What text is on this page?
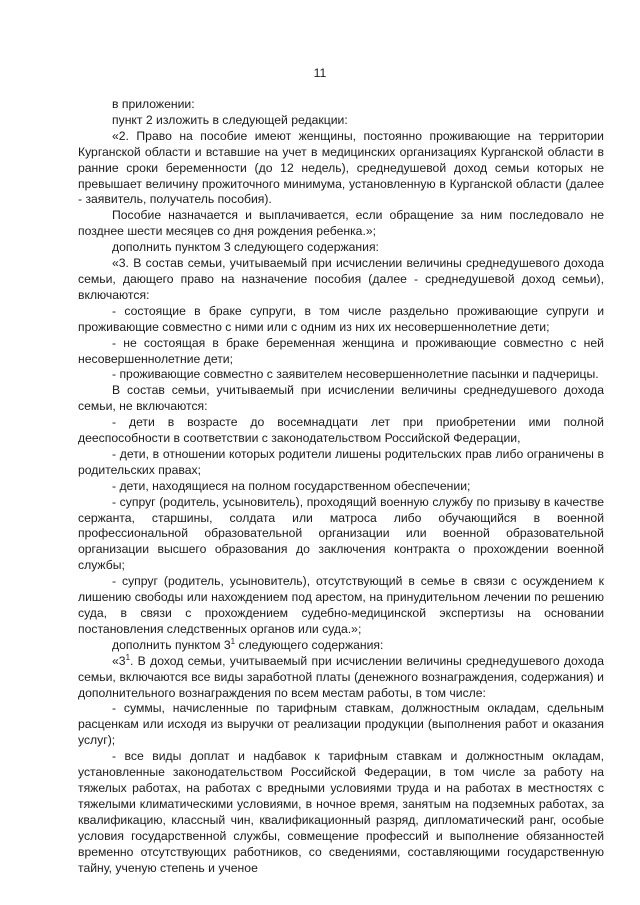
11

в приложении:

пункт 2 изложить в следующей редакции:

«2. Право на пособие имеют женщины, постоянно проживающие на территории Курганской области и вставшие на учет в медицинских организациях Курганской области в ранние сроки беременности (до 12 недель), среднедушевой доход семьи которых не превышает величину прожиточного минимума, установленную в Курганской области (далее - заявитель, получатель пособия).

Пособие назначается и выплачивается, если обращение за ним последовало не позднее шести месяцев со дня рождения ребенка.»;

дополнить пунктом 3 следующего содержания:

«3. В состав семьи, учитываемый при исчислении величины среднедушевого дохода семьи, дающего право на назначение пособия (далее - среднедушевой доход семьи), включаются:

- состоящие в браке супруги, в том числе раздельно проживающие супруги и проживающие совместно с ними или с одним из них их несовершеннолетние дети;

- не состоящая в браке беременная женщина и проживающие совместно с ней несовершеннолетние дети;

- проживающие совместно с заявителем несовершеннолетние пасынки и падчерицы.

В состав семьи, учитываемый при исчислении величины среднедушевого дохода семьи, не включаются:

- дети в возрасте до восемнадцати лет при приобретении ими полной дееспособности в соответствии с законодательством Российской Федерации,

- дети, в отношении которых родители лишены родительских прав либо ограничены в родительских правах;

- дети, находящиеся на полном государственном обеспечении;

- супруг (родитель, усыновитель), проходящий военную службу по призыву в качестве сержанта, старшины, солдата или матроса либо обучающийся в военной профессиональной образовательной организации или военной образовательной организации высшего образования до заключения контракта о прохождении военной службы;

- супруг (родитель, усыновитель), отсутствующий в семье в связи с осуждением к лишению свободы или нахождением под арестом, на принудительном лечении по решению суда, в связи с прохождением судебно-медицинской экспертизы на основании постановления следственных органов или суда.»;

дополнить пунктом $3^1$ следующего содержания:

«$3^1$. В доход семьи, учитываемый при исчислении величины среднедушевого дохода семьи, включаются все виды заработной платы (денежного вознаграждения, содержания) и дополнительного вознаграждения по всем местам работы, в том числе:

- суммы, начисленные по тарифным ставкам, должностным окладам, сдельным расценкам или исходя из выручки от реализации продукции (выполнения работ и оказания услуг);

- все виды доплат и надбавок к тарифным ставкам и должностным окладам, установленные законодательством Российской Федерации, в том числе за работу на тяжелых работах, на работах с вредными условиями труда и на работах в местностях с тяжелыми климатическими условиями, в ночное время, занятым на подземных работах, за квалификацию, классный чин, квалификационный разряд, дипломатический ранг, особые условия государственной службы, совмещение профессий и выполнение обязанностей временно отсутствующих работников, со сведениями, составляющими государственную тайну, ученую степень и ученое
